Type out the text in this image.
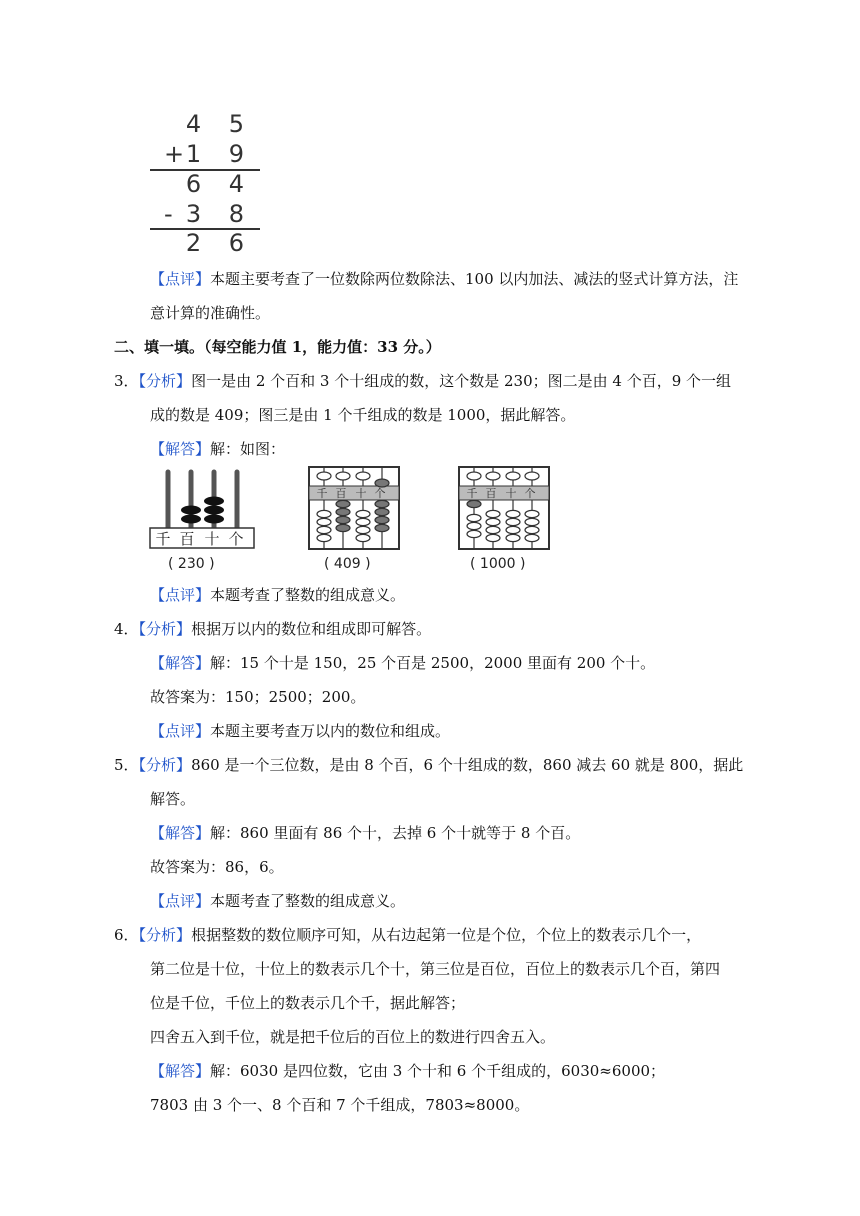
4 5
+ 1 9
6 4
- 3 8
2 6
【点评】本题主要考查了一位数除两位数除法、100 以内加法、减法的竖式计算方法，注
意计算的准确性。
二、填一填。（每空能力值 1，能力值：33 分。）
3．【分析】图一是由 2 个百和 3 个十组成的数，这个数是 230；图二是由 4 个百，9 个一组
成的数是 409；图三是由 1 个千组成的数是 1000，据此解答。
【解答】解：如图：
千 百 十 个
( 230 )
千 百 十 个
( 409 )
千 百 十 个
( 1000 )
【点评】本题考查了整数的组成意义。
4．【分析】根据万以内的数位和组成即可解答。
【解答】解：15 个十是 150，25 个百是 2500，2000 里面有 200 个十。
故答案为：150；2500；200。
【点评】本题主要考查万以内的数位和组成。
5．【分析】860 是一个三位数，是由 8 个百，6 个十组成的数，860 减去 60 就是 800，据此
解答。
【解答】解：860 里面有 86 个十，去掉 6 个十就等于 8 个百。
故答案为：86，6。
【点评】本题考查了整数的组成意义。
6．【分析】根据整数的数位顺序可知，从右边起第一位是个位，个位上的数表示几个一，
第二位是十位，十位上的数表示几个十，第三位是百位，百位上的数表示几个百，第四
位是千位，千位上的数表示几个千，据此解答；
四舍五入到千位，就是把千位后的百位上的数进行四舍五入。
【解答】解：6030 是四位数，它由 3 个十和 6 个千组成的，6030≈6000；
7803 由 3 个一、8 个百和 7 个千组成，7803≈8000。
